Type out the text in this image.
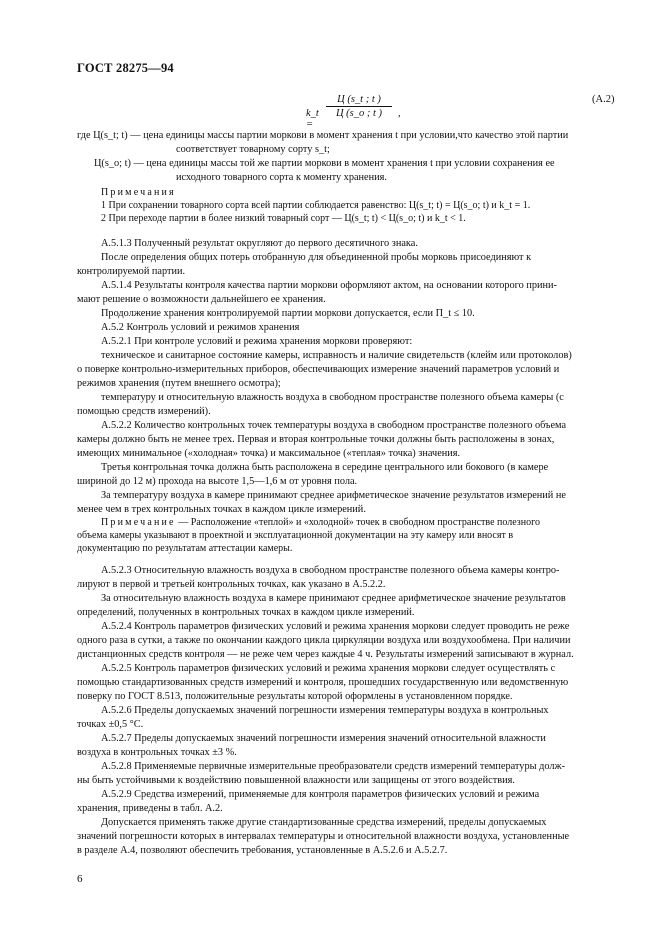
ГОСТ 28275—94
k_t =
Ц (s_t ; t )
Ц (s_o ; t )	,
(А.2)
где Ц(s_t; t) — цена единицы массы партии моркови в момент хранения t при условии,что качество этой партии
соответствует товарному сорту s_t;
Ц(s_o; t) — цена единицы массы той же партии моркови в момент хранения t при условии сохранения ее
исходного товарного сорта к моменту хранения.
Примечания
1 При сохранении товарного сорта всей партии соблюдается равенство: Ц(s_t; t) = Ц(s_o; t) и k_t = 1.
2 При переходе партии в более низкий товарный сорт — Ц(s_t; t) < Ц(s_o; t) и k_t < 1.
А.5.1.3 Полученный результат округляют до первого десятичного знака.
После определения общих потерь отобранную для объединенной пробы морковь присоединяют к
контролируемой партии.
А.5.1.4 Результаты контроля качества партии моркови оформляют актом, на основании которого прини-
мают решение о возможности дальнейшего ее хранения.
Продолжение хранения контролируемой партии моркови допускается, если П_t ≤ 10.
А.5.2 Контроль условий и режимов хранения
А.5.2.1 При контроле условий и режима хранения моркови проверяют:
техническое и санитарное состояние камеры, исправность и наличие свидетельств (клейм или протоколов)
о поверке контрольно-измерительных приборов, обеспечивающих измерение значений параметров условий и
режимов хранения (путем внешнего осмотра);
температуру и относительную влажность воздуха в свободном пространстве полезного объема камеры (с
помощью средств измерений).
А.5.2.2 Количество контрольных точек температуры воздуха в свободном пространстве полезного объема
камеры должно быть не менее трех. Первая и вторая контрольные точки должны быть расположены в зонах,
имеющих минимальное («холодная» точка) и максимальное («теплая» точка) значения.
Третья контрольная точка должна быть расположена в середине центрального или бокового (в камере
шириной до 12 м) прохода на высоте 1,5—1,6 м от уровня пола.
За температуру воздуха в камере принимают среднее арифметическое значение результатов измерений не
менее чем в трех контрольных точках в каждом цикле измерений.
Примечание — Расположение «теплой» и «холодной» точек в свободном пространстве полезного
объема камеры указывают в проектной и эксплуатационной документации на эту камеру или вносят в
документацию по результатам аттестации камеры.
А.5.2.3 Относительную влажность воздуха в свободном пространстве полезного объема камеры контро-
лируют в первой и третьей контрольных точках, как указано в А.5.2.2.
За относительную влажность воздуха в камере принимают среднее арифметическое значение результатов
определений, полученных в контрольных точках в каждом цикле измерений.
А.5.2.4 Контроль параметров физических условий и режима хранения моркови следует проводить не реже
одного раза в сутки, а также по окончании каждого цикла циркуляции воздуха или воздухообмена. При наличии
дистанционных средств контроля — не реже чем через каждые 4 ч. Результаты измерений записывают в журнал.
А.5.2.5 Контроль параметров физических условий и режима хранения моркови следует осуществлять с
помощью стандартизованных средств измерений и контроля, прошедших государственную или ведомственную
поверку по ГОСТ 8.513, положительные результаты которой оформлены в установленном порядке.
А.5.2.6 Пределы допускаемых значений погрешности измерения температуры воздуха в контрольных
точках ±0,5 °С.
А.5.2.7 Пределы допускаемых значений погрешности измерения значений относительной влажности
воздуха в контрольных точках ±3 %.
А.5.2.8 Применяемые первичные измерительные преобразователи средств измерений температуры долж-
ны быть устойчивыми к воздействию повышенной влажности или защищены от этого воздействия.
А.5.2.9 Средства измерений, применяемые для контроля параметров физических условий и режима
хранения, приведены в табл. А.2.
Допускается применять также другие стандартизованные средства измерений, пределы допускаемых
значений погрешности которых в интервалах температуры и относительной влажности воздуха, установленные
в разделе А.4, позволяют обеспечить требования, установленные в А.5.2.6 и А.5.2.7.
6
